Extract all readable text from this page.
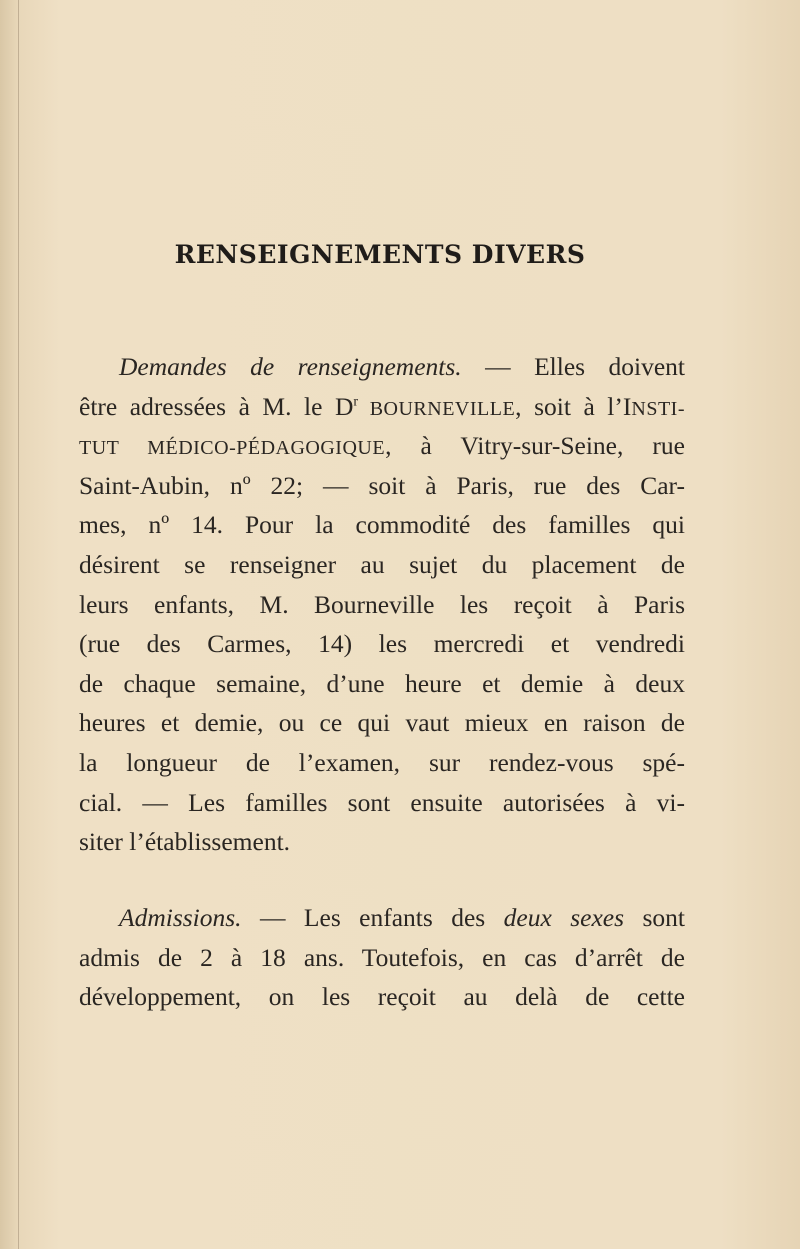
RENSEIGNEMENTS DIVERS
Demandes de renseignements. — Elles doivent
être adressées à M. le $D^r$ BOURNEVILLE, soit à l’INSTI-
TUT MÉDICO-PÉDAGOGIQUE, à Vitry-sur-Seine, rue
Saint-Aubin, nº 22; — soit à Paris, rue des Car-
mes, nº 14. Pour la commodité des familles qui
désirent se renseigner au sujet du placement de
leurs enfants, M. Bourneville les reçoit à Paris
(rue des Carmes, 14) les mercredi et vendredi
de chaque semaine, d’une heure et demie à deux
heures et demie, ou ce qui vaut mieux en raison de
la longueur de l’examen, sur rendez-vous spé-
cial. — Les familles sont ensuite autorisées à vi-
siter l’établissement.
Admissions. — Les enfants des deux sexes sont
admis de 2 à 18 ans. Toutefois, en cas d’arrêt de
développement, on les reçoit au delà de cette
